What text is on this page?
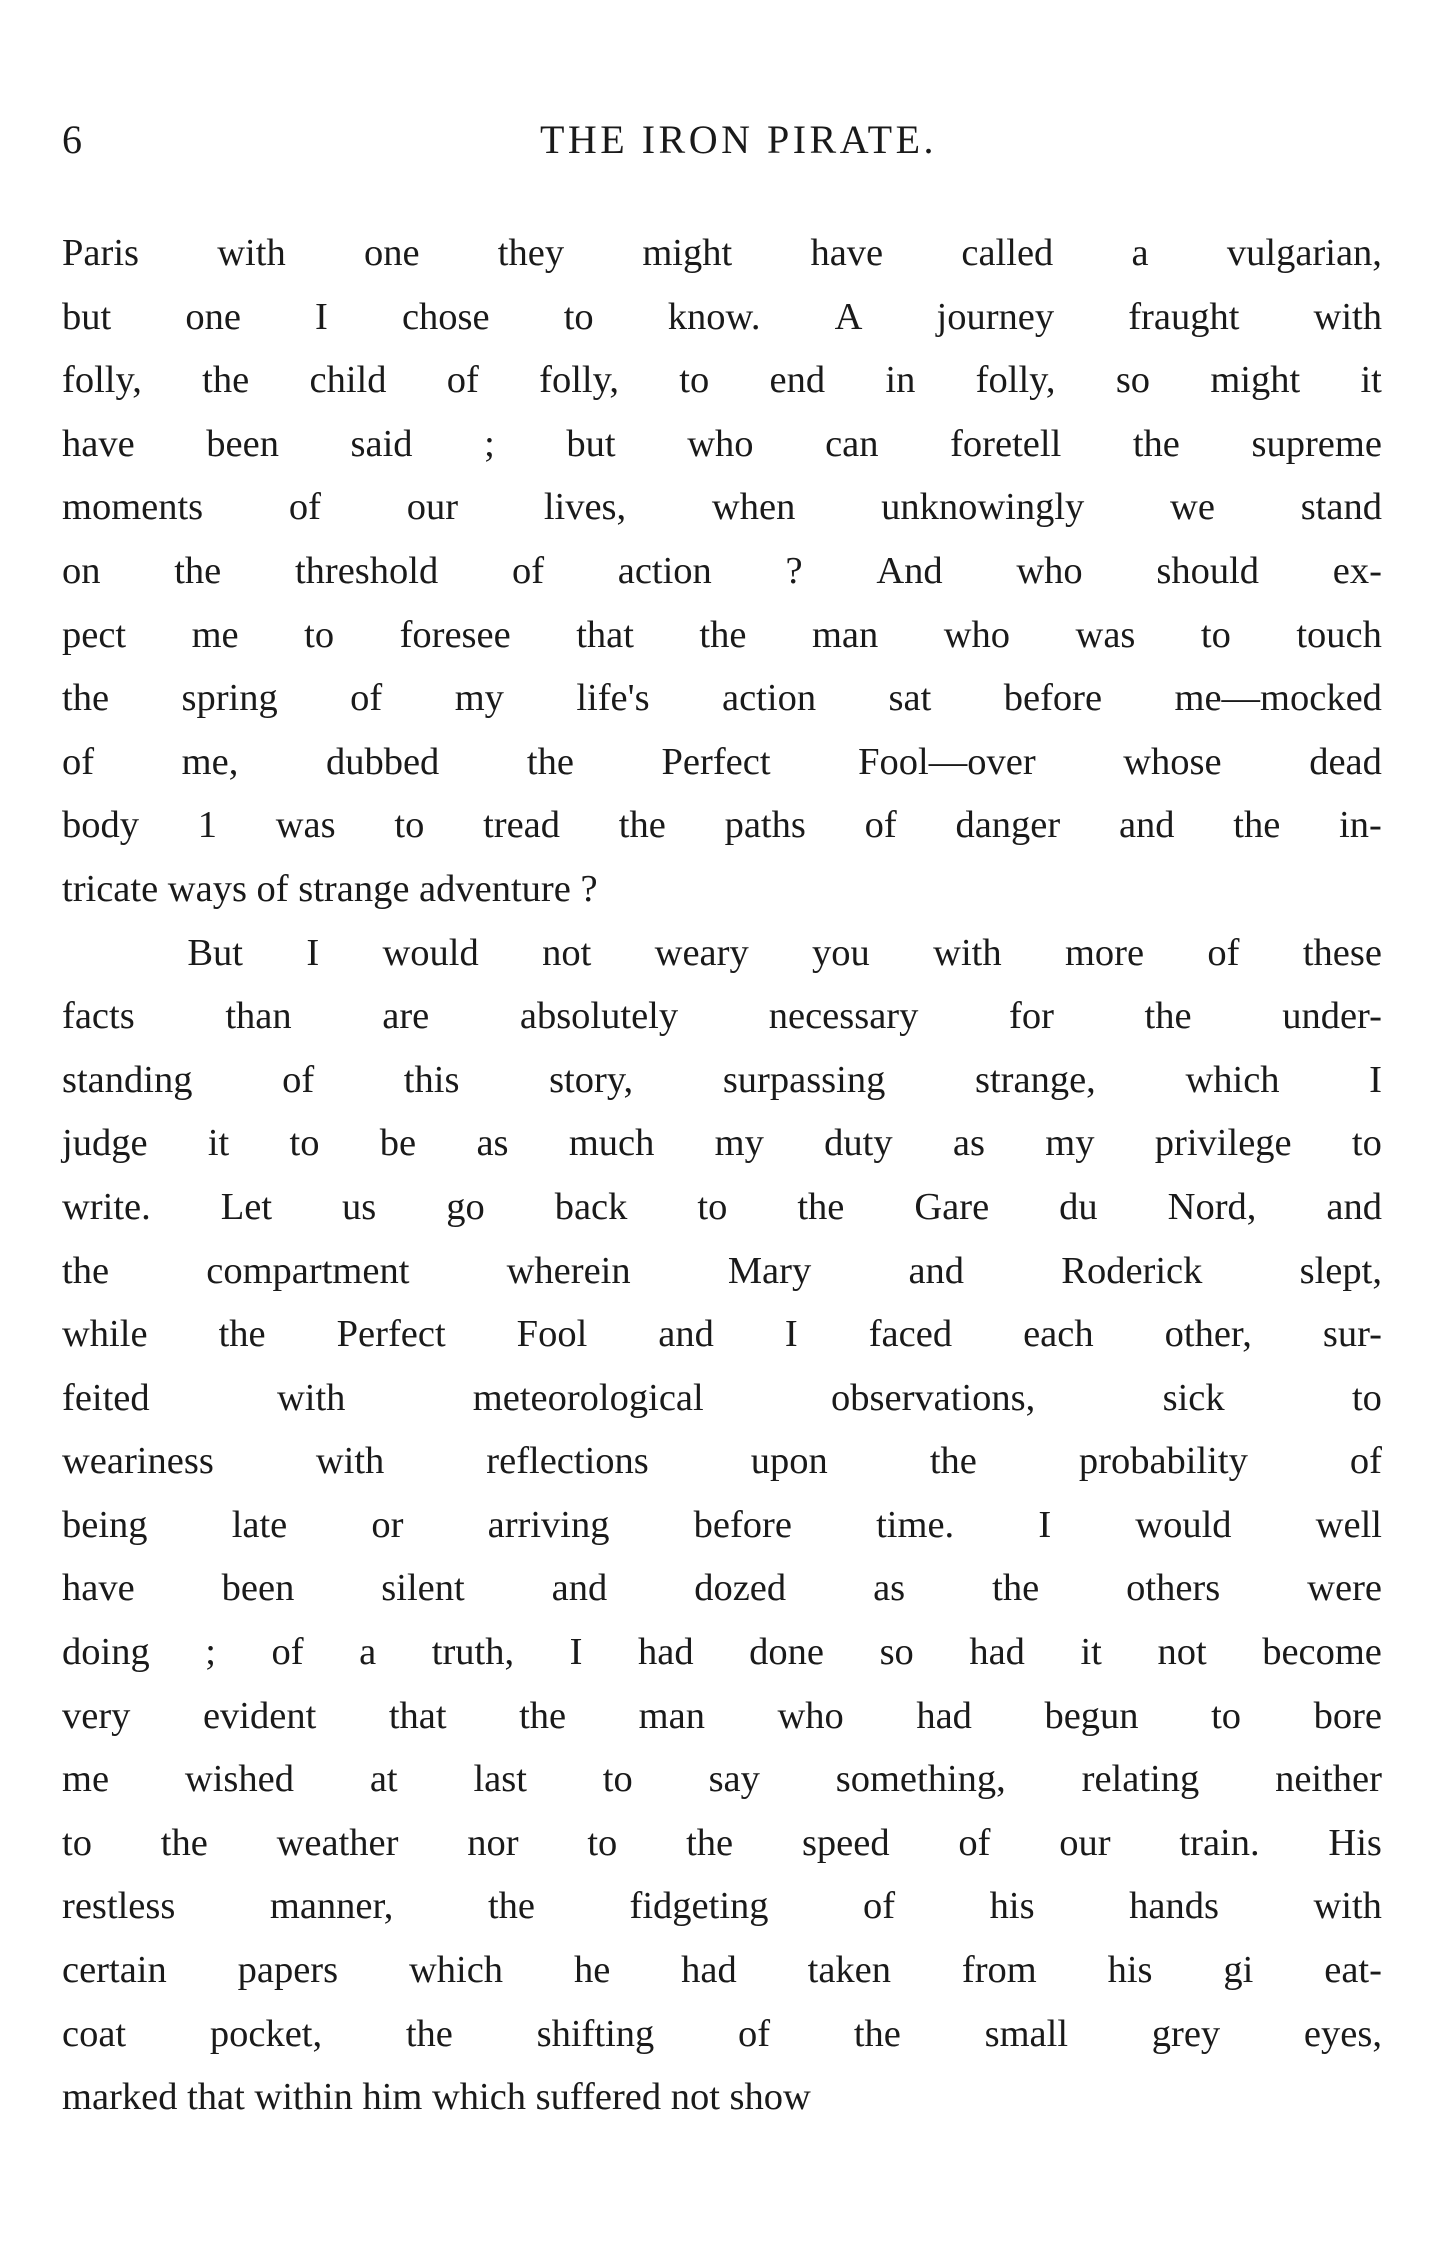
6	THE IRON PIRATE.

Paris with one they might have called a vulgarian,
but one I chose to know. A journey fraught with
folly, the child of folly, to end in folly, so might it
have been said ; but who can foretell the supreme
moments of our lives, when unknowingly we stand
on the threshold of action ? And who should ex-
pect me to foresee that the man who was to touch
the spring of my life's action sat before me—mocked
of me, dubbed the Perfect Fool—over whose dead
body 1 was to tread the paths of danger and the in-
tricate ways of strange adventure ?

But I would not weary you with more of these
facts than are absolutely necessary for the under-
standing of this story, surpassing strange, which I
judge it to be as much my duty as my privilege to
write. Let us go back to the Gare du Nord, and
the	compartment	wherein	Mary	and	Roderick	slept,
while the Perfect Fool and I faced each other, sur-
feited	with	meteorological	observations,	sick	to
weariness	with	reflections	upon	the	probability	of
being late or arriving before time. I would well
have been silent and dozed as the others were
doing ; of a truth, I had done so had it not become
very evident that the man who had begun to bore
me wished at last to say something, relating neither
to the weather nor to the speed of our train. His
restless manner, the fidgeting of his hands with
certain papers which he had taken from his gi eat-
coat pocket, the shifting of the small grey eyes,
marked that within him which suffered not show
